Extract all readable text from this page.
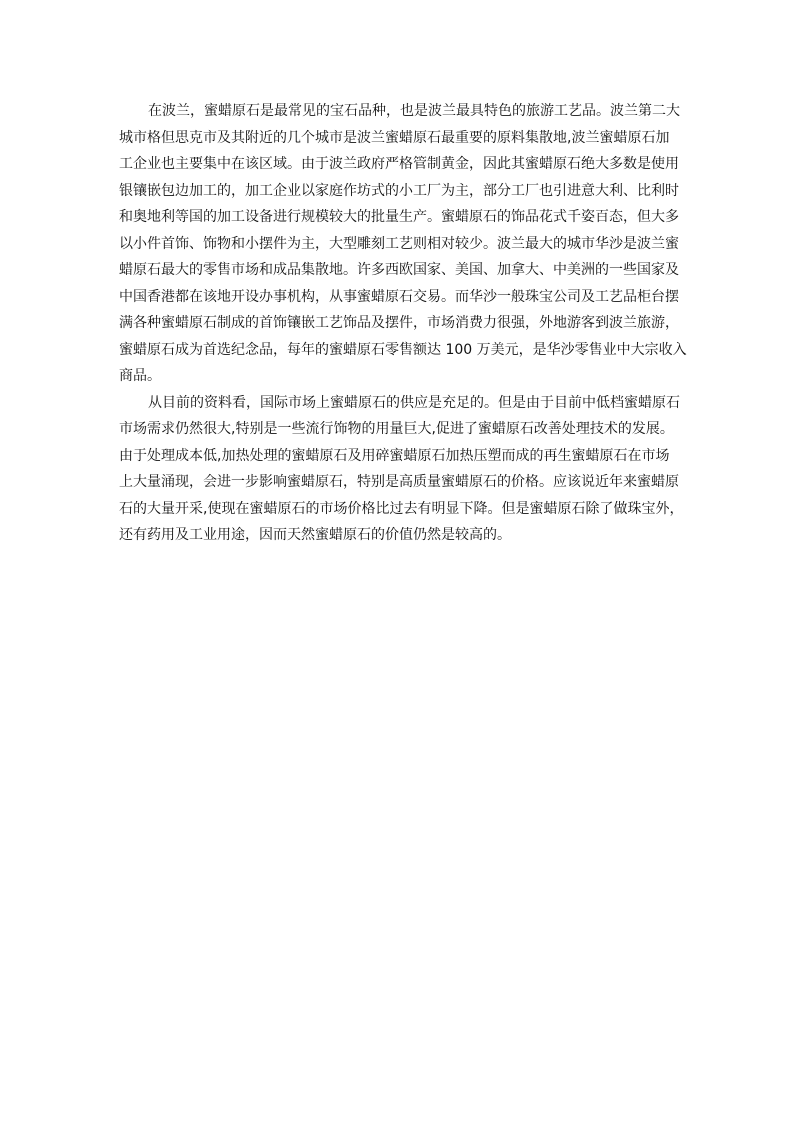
在波兰，蜜蜡原石是最常见的宝石品种，也是波兰最具特色的旅游工艺品。波兰第二大
城市格但思克市及其附近的几个城市是波兰蜜蜡原石最重要的原料集散地,波兰蜜蜡原石加
工企业也主要集中在该区域。由于波兰政府严格管制黄金，因此其蜜蜡原石绝大多数是使用
银镶嵌包边加工的，加工企业以家庭作坊式的小工厂为主，部分工厂也引进意大利、比利时
和奥地利等国的加工设备进行规模较大的批量生产。蜜蜡原石的饰品花式千姿百态，但大多
以小件首饰、饰物和小摆件为主，大型雕刻工艺则相对较少。波兰最大的城市华沙是波兰蜜
蜡原石最大的零售市场和成品集散地。许多西欧国家、美国、加拿大、中美洲的一些国家及
中国香港都在该地开设办事机构，从事蜜蜡原石交易。而华沙一般珠宝公司及工艺品柜台摆
满各种蜜蜡原石制成的首饰镶嵌工艺饰品及摆件，市场消费力很强，外地游客到波兰旅游，
蜜蜡原石成为首选纪念品，每年的蜜蜡原石零售额达 100 万美元，是华沙零售业中大宗收入
商品。
从目前的资料看，国际市场上蜜蜡原石的供应是充足的。但是由于目前中低档蜜蜡原石
市场需求仍然很大,特别是一些流行饰物的用量巨大,促进了蜜蜡原石改善处理技术的发展。
由于处理成本低,加热处理的蜜蜡原石及用碎蜜蜡原石加热压塑而成的再生蜜蜡原石在市场
上大量涌现，会进一步影响蜜蜡原石，特别是高质量蜜蜡原石的价格。应该说近年来蜜蜡原
石的大量开采,使现在蜜蜡原石的市场价格比过去有明显下降。但是蜜蜡原石除了做珠宝外，
还有药用及工业用途，因而天然蜜蜡原石的价值仍然是较高的。
